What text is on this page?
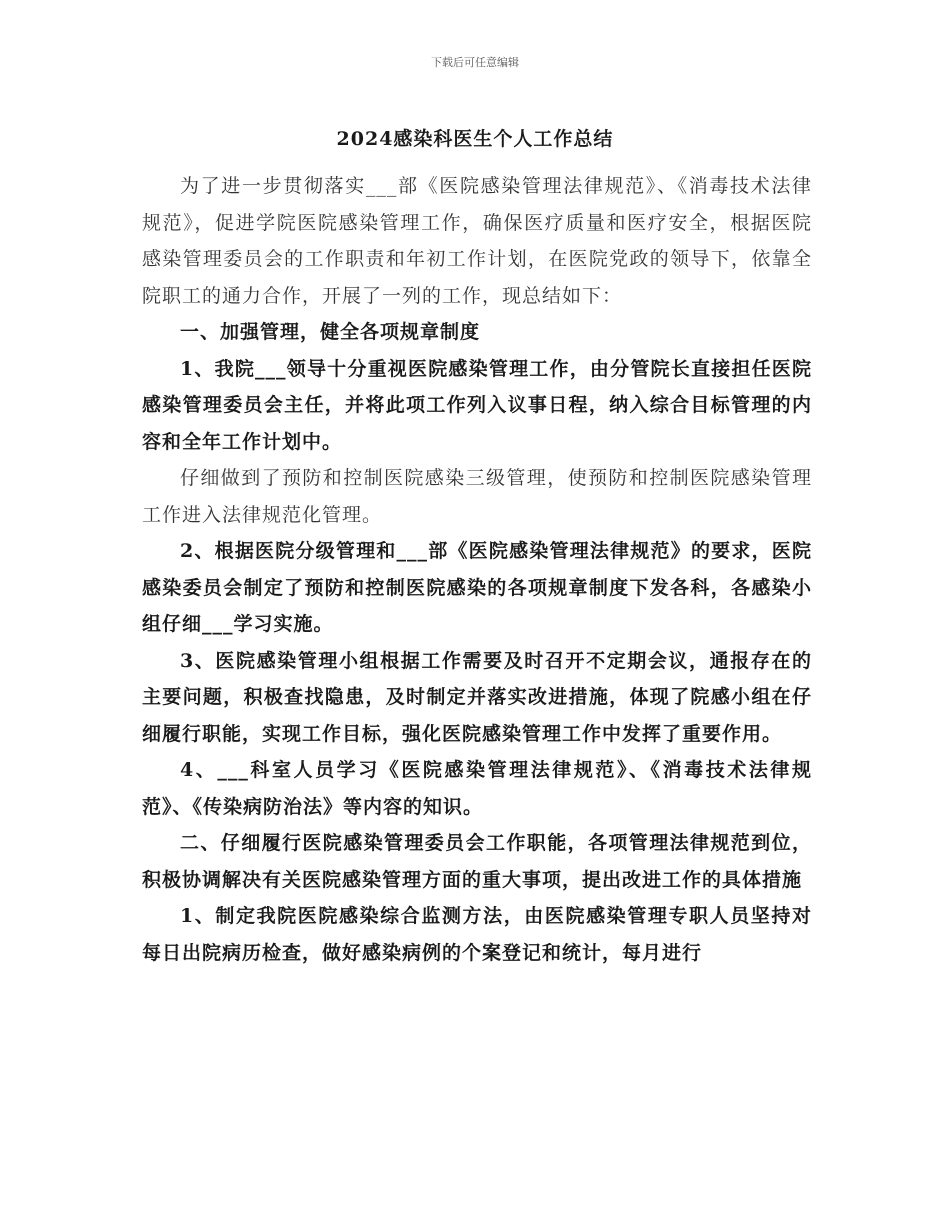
下载后可任意编辑
2024感染科医生个人工作总结

为了进一步贯彻落实___部《医院感染管理法律规范》、《消毒技术法律规范》，促进学院医院感染管理工作，确保医疗质量和医疗安全，根据医院感染管理委员会的工作职责和年初工作计划，在医院党政的领导下，依靠全院职工的通力合作，开展了一列的工作，现总结如下：

一、加强管理，健全各项规章制度

1、我院___领导十分重视医院感染管理工作，由分管院长直接担任医院感染管理委员会主任，并将此项工作列入议事日程，纳入综合目标管理的内容和全年工作计划中。

仔细做到了预防和控制医院感染三级管理，使预防和控制医院感染管理工作进入法律规范化管理。

2、根据医院分级管理和___部《医院感染管理法律规范》的要求，医院感染委员会制定了预防和控制医院感染的各项规章制度下发各科，各感染小组仔细___学习实施。

3、医院感染管理小组根据工作需要及时召开不定期会议，通报存在的主要问题，积极查找隐患，及时制定并落实改进措施，体现了院感小组在仔细履行职能，实现工作目标，强化医院感染管理工作中发挥了重要作用。

4、___科室人员学习《医院感染管理法律规范》、《消毒技术法律规范》、《传染病防治法》等内容的知识。

二、仔细履行医院感染管理委员会工作职能，各项管理法律规范到位，积极协调解决有关医院感染管理方面的重大事项，提出改进工作的具体措施

1、制定我院医院感染综合监测方法，由医院感染管理专职人员坚持对每日出院病历检查，做好感染病例的个案登记和统计，每月进行
